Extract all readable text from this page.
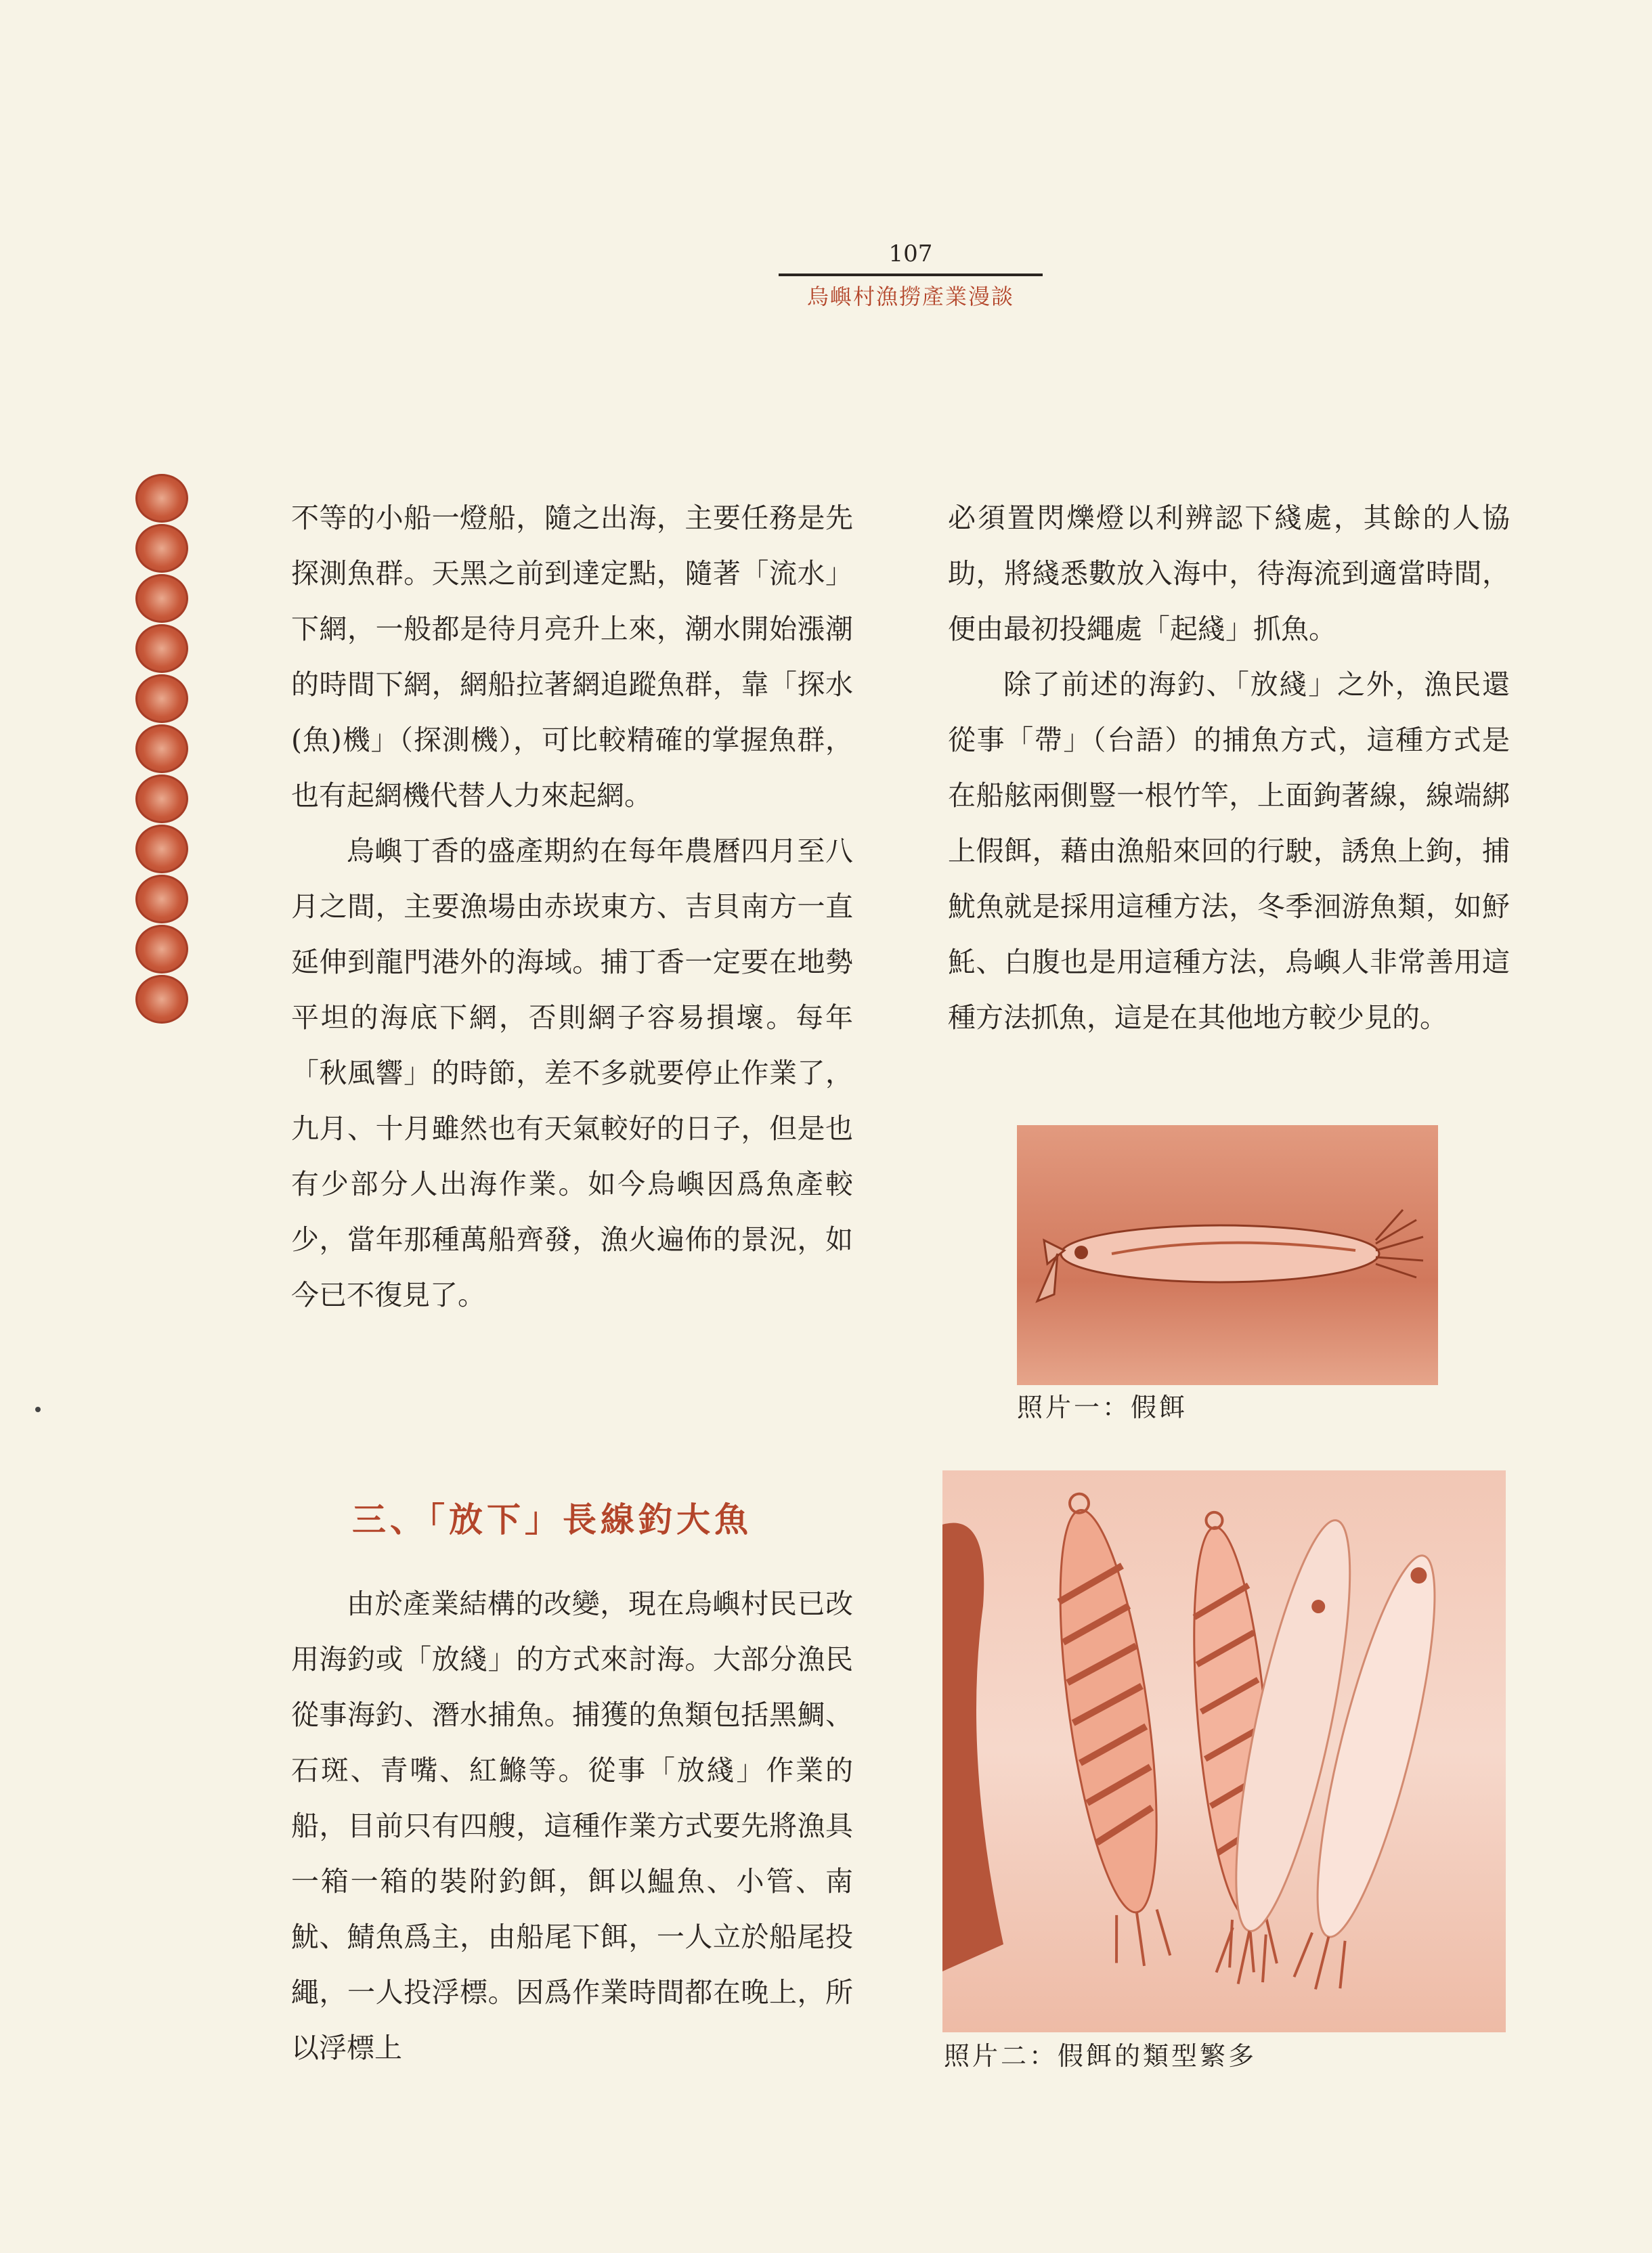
107
烏嶼村漁撈產業漫談

不等的小船一燈船，隨之出海，主要任務是先探測魚群。天黑之前到達定點，隨著「流水」下網，一般都是待月亮升上來，潮水開始漲潮的時間下網，網船拉著網追蹤魚群，靠「探水(魚)機」（探測機），可比較精確的掌握魚群，也有起網機代替人力來起網。

烏嶼丁香的盛產期約在每年農曆四月至八月之間，主要漁場由赤崁東方、吉貝南方一直延伸到龍門港外的海域。捕丁香一定要在地勢平坦的海底下網，否則網子容易損壞。每年「秋風響」的時節，差不多就要停止作業了，九月、十月雖然也有天氣較好的日子，但是也有少部分人出海作業。如今烏嶼因爲魚產較少，當年那種萬船齊發，漁火遍佈的景況，如今已不復見了。

三、「放下」長線釣大魚

由於產業結構的改變，現在烏嶼村民已改用海釣或「放綫」的方式來討海。大部分漁民從事海釣、潛水捕魚。捕獲的魚類包括黑鯛、石斑、青嘴、紅鰷等。從事「放綫」作業的船，目前只有四艘，這種作業方式要先將漁具一箱一箱的裝附釣餌，餌以鰛魚、小管、南魷、鯖魚爲主，由船尾下餌，一人立於船尾投繩，一人投浮標。因爲作業時間都在晚上，所以浮標上

必須置閃爍燈以利辨認下綫處，其餘的人協助，將綫悉數放入海中，待海流到適當時間，便由最初投繩處「起綫」抓魚。

除了前述的海釣、「放綫」之外，漁民還從事「帶」（台語）的捕魚方式，這種方式是在船舷兩側豎一根竹竿，上面鉤著線，線端綁上假餌，藉由漁船來回的行駛，誘魚上鉤，捕魷魚就是採用這種方法，冬季洄游魚類，如魣魠、白腹也是用這種方法，烏嶼人非常善用這種方法抓魚，這是在其他地方較少見的。

照片一：假餌
照片二：假餌的類型繁多
